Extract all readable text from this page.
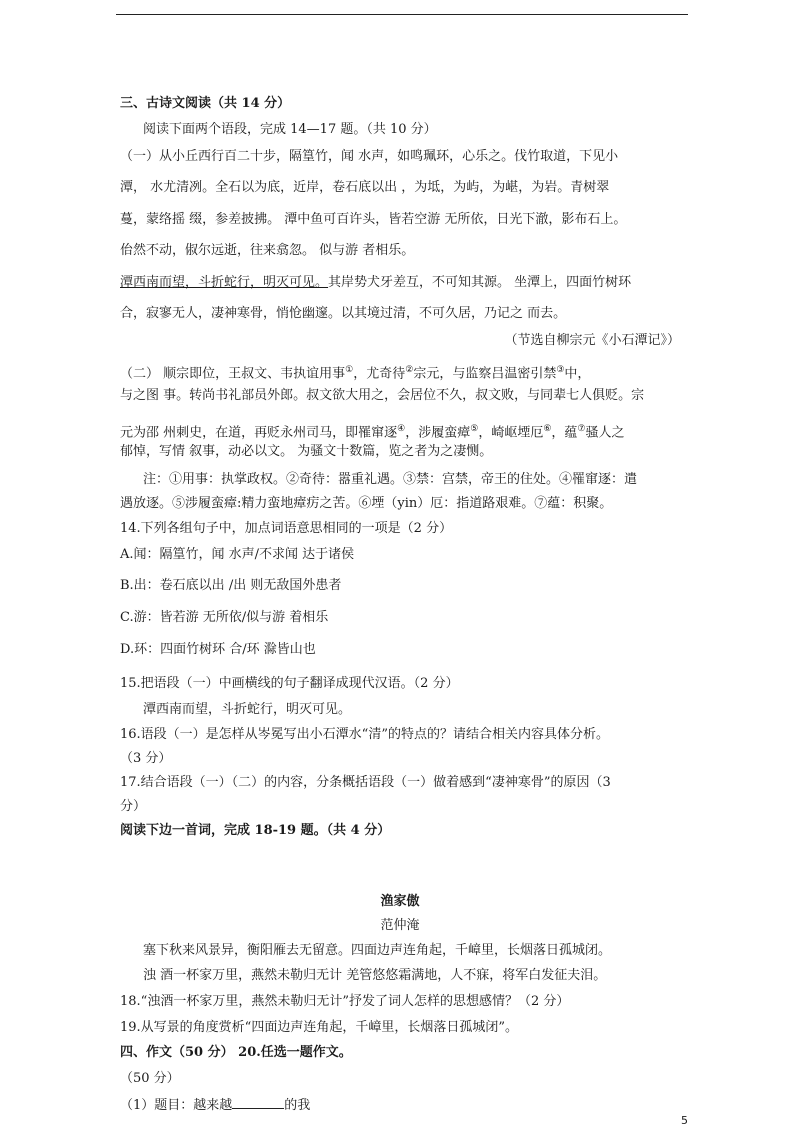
三、古诗文阅读（共 14 分）
阅读下面两个语段，完成 14—17 题。（共 10 分）
（一）从小丘西行百二十步，隔篁竹，闻 水声，如鸣珮环，心乐之。伐竹取道，下见小
潭， 水尤清冽。全石以为底，近岸，卷石底以出 ，为坻，为屿，为嵁，为岩。青树翠
蔓，蒙络摇 缀，参差披拂。 潭中鱼可百许头，皆若空游 无所依，日光下澈，影布石上。
佁然不动，俶尔远逝，往来翕忽。 似与游 者相乐。
潭西南而望，斗折蛇行，明灭可见。其岸势犬牙差互，不可知其源。 坐潭上，四面竹树环
合，寂寥无人，凄神寒骨，悄怆幽邃。以其境过清，不可久居，乃记之 而去。
（节选自柳宗元《小石潭记》）
（二） 顺宗即位，王叔文、韦执谊用事①，尤奇待②宗元，与监察吕温密引禁③中，
与之图 事。转尚书礼部员外郎。叔文欲大用之，会居位不久，叔文败，与同辈七人俱贬。宗
元为邵 州刺史，在道，再贬永州司马，即罹窜逐④，涉履蛮瘴⑤，崎岖堙厄⑥，蕴⑦骚人之
郁悼，写情 叙事，动必以文。 为骚文十数篇，览之者为之凄恻。
注：①用事：执掌政权。②奇待：嚣重礼遇。③禁：宫禁，帝王的住处。④罹窜逐：遣
遇放逐。⑤涉履蛮瘴:精力蛮地瘴疠之苦。⑥堙（yin）厄：指道路艰难。⑦蕴：积聚。
14.下列各组句子中，加点词语意思相同的一项是（2 分）
A.闻：隔篁竹，闻 水声/不求闻 达于诸侯
B.出：卷石底以出 /出 则无敌国外患者
C.游：皆若游 无所依/似与游 着相乐
D.环：四面竹树环 合/环 滁皆山也
15.把语段（一）中画横线的句子翻译成现代汉语。（2 分）
潭西南而望，斗折蛇行，明灭可见。
16.语段（一）是怎样从岑冕写出小石潭水“清”的特点的？请结合相关内容具体分析。
（3 分）
17.结合语段（一）（二）的内容，分条概括语段（一）做着感到“凄神寒骨”的原因（3
分）
阅读下边一首词，完成 18-19 题。（共 4 分）
渔家傲
范仲淹
塞下秋来风景异，衡阳雁去无留意。四面边声连角起，千嶂里，长烟落日孤城闭。
浊 酒一杯家万里，燕然未勒归无计 羌管悠悠霜满地，人不寐，将军白发征夫泪。
18.“浊酒一杯家万里，燕然未勒归无计”抒发了词人怎样的思想感情？（2 分）
19.从写景的角度赏析“四面边声连角起，千嶂里，长烟落日孤城闭”。
四、作文（50 分） 20.任选一题作文。
（50 分）
（1）题目：越来越	的我
5
